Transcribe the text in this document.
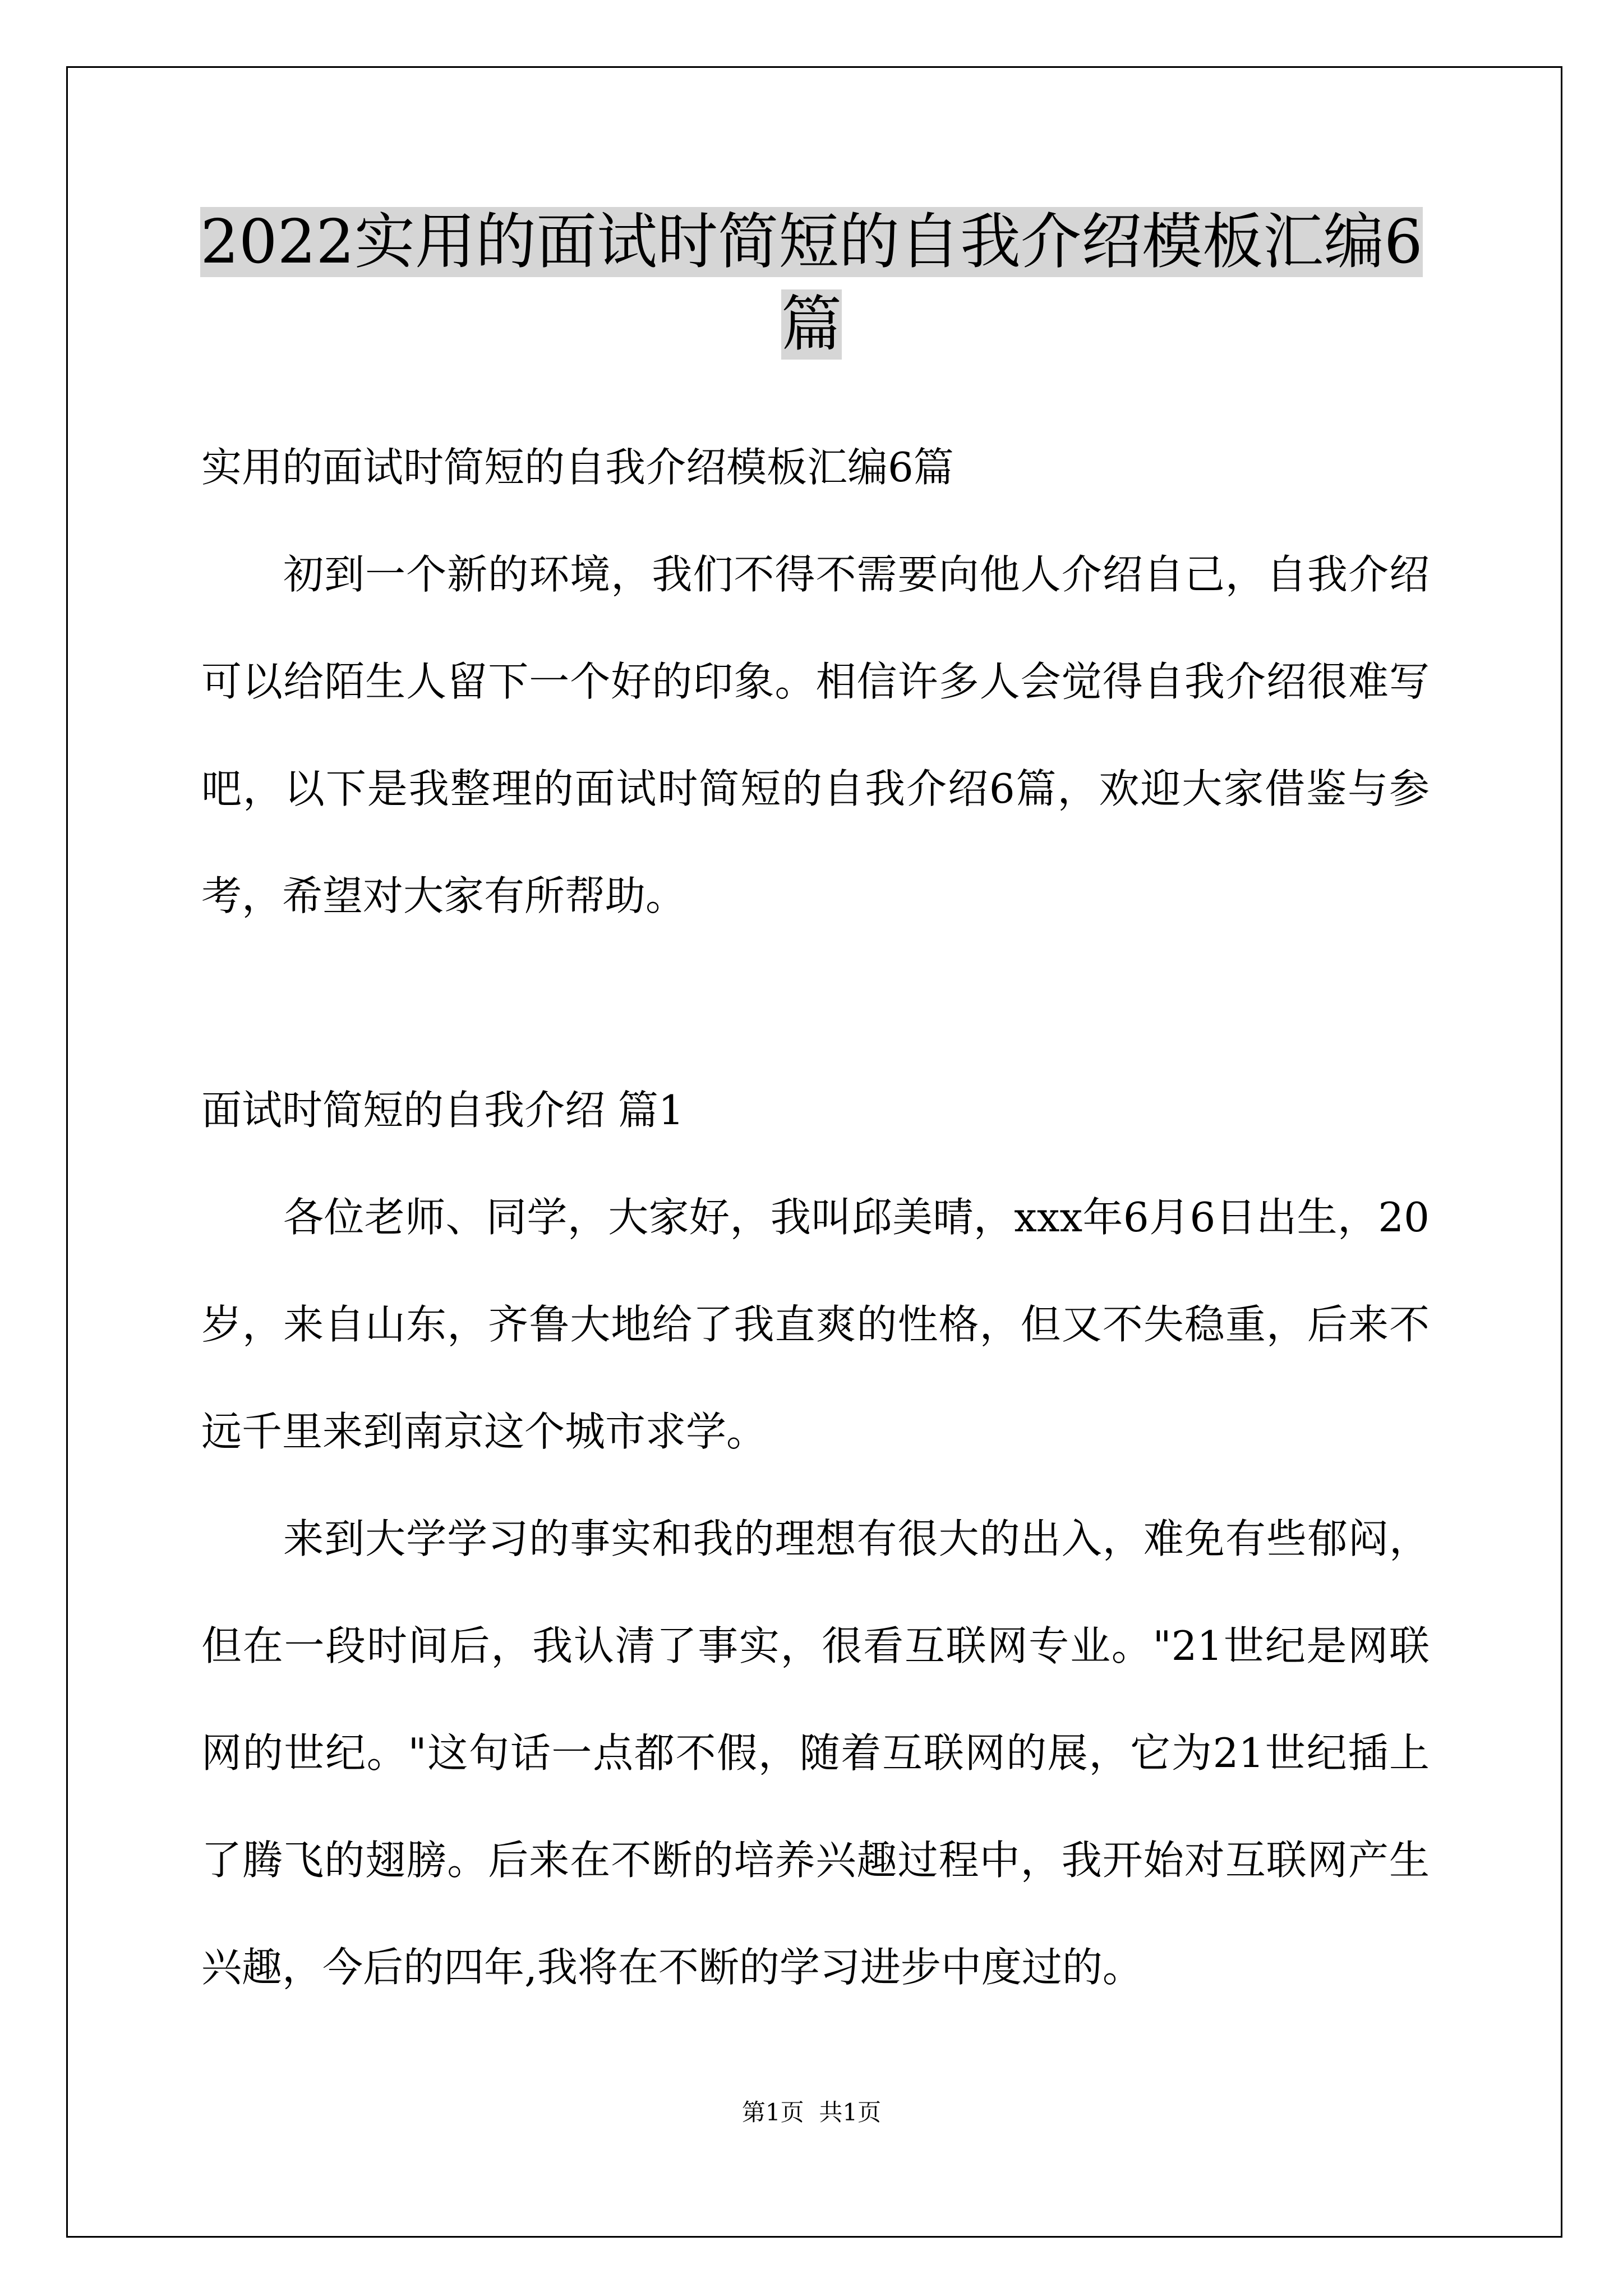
2022实用的面试时简短的自我介绍模板汇编6
篇
实用的面试时简短的自我介绍模板汇编6篇
初到一个新的环境，我们不得不需要向他人介绍自己，自我介绍
可以给陌生人留下一个好的印象。相信许多人会觉得自我介绍很难写
吧，以下是我整理的面试时简短的自我介绍6篇，欢迎大家借鉴与参
考，希望对大家有所帮助。
面试时简短的自我介绍 篇1
各位老师、同学，大家好，我叫邱美晴，xxx年6月6日出生，20
岁，来自山东，齐鲁大地给了我直爽的性格，但又不失稳重，后来不
远千里来到南京这个城市求学。
来到大学学习的事实和我的理想有很大的出入，难免有些郁闷，
但在一段时间后，我认清了事实，很看互联网专业。"21世纪是网联
网的世纪。"这句话一点都不假，随着互联网的展，它为21世纪插上
了腾飞的翅膀。后来在不断的培养兴趣过程中，我开始对互联网产生
兴趣，今后的四年,我将在不断的学习进步中度过的。
第1页  共1页
